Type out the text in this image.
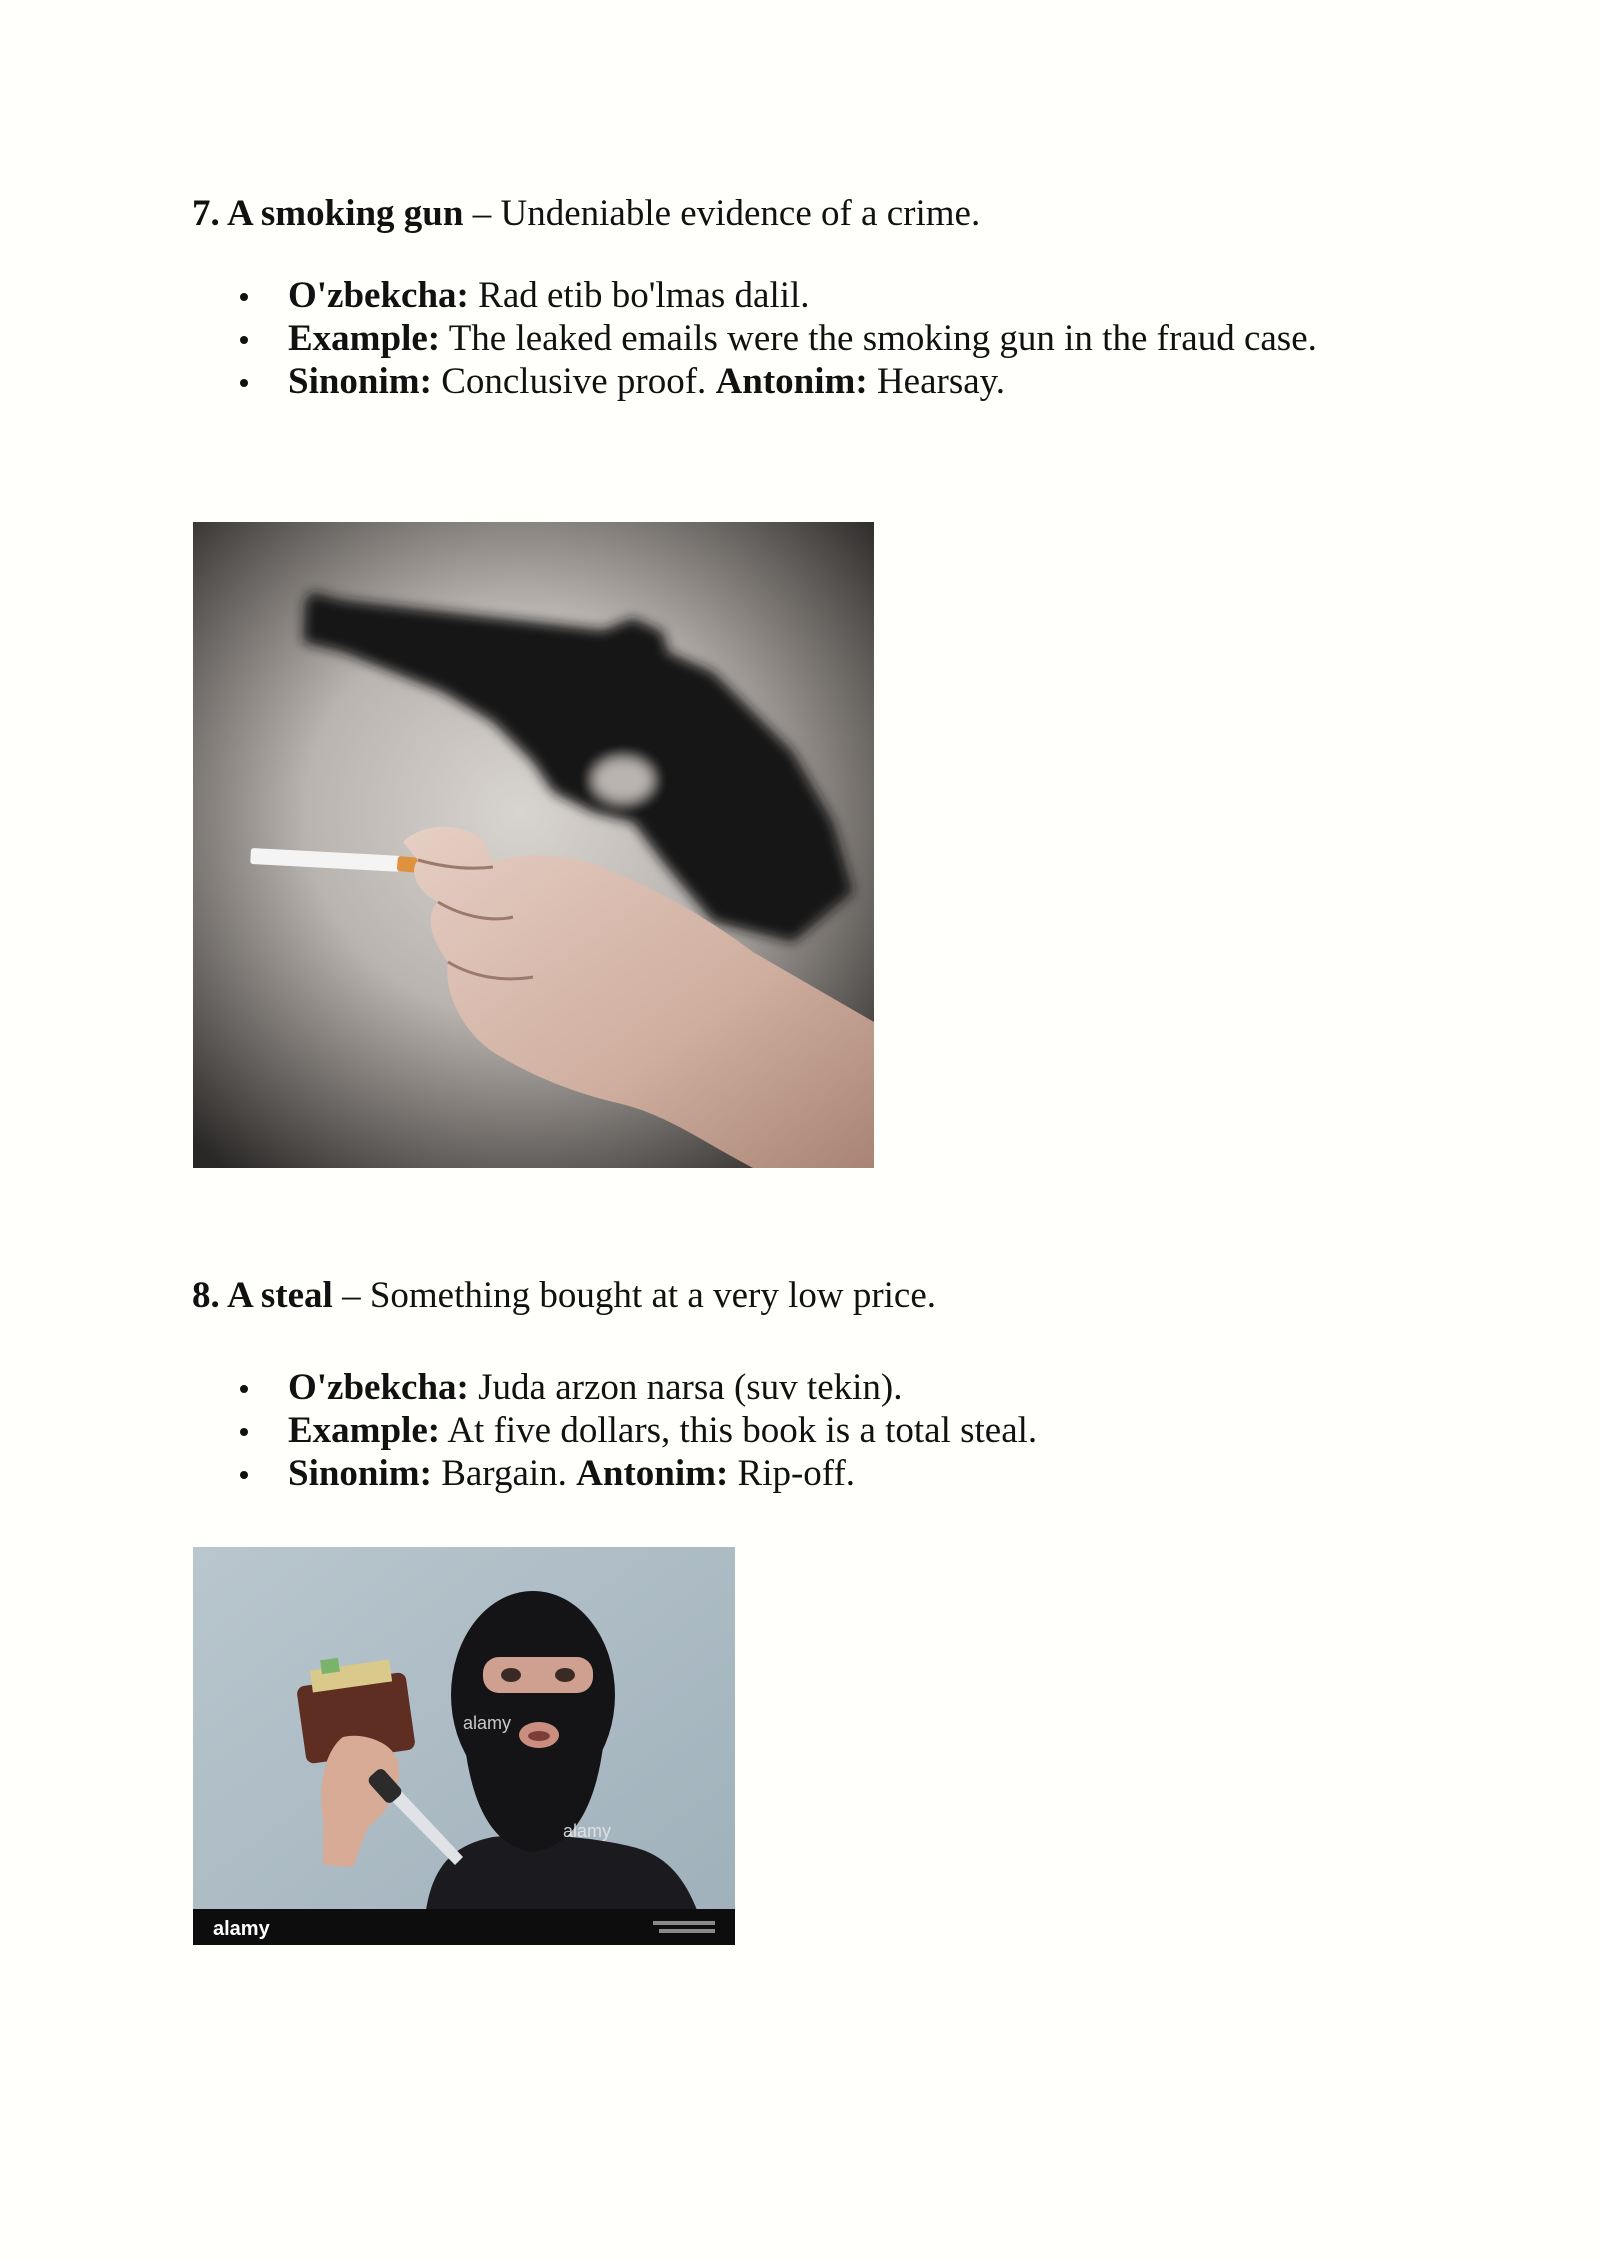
7. A smoking gun – Undeniable evidence of a crime.
O'zbekcha: Rad etib bo'lmas dalil.
Example: The leaked emails were the smoking gun in the fraud case.
Sinonim: Conclusive proof. Antonim: Hearsay.
8. A steal – Something bought at a very low price.
O'zbekcha: Juda arzon narsa (suv tekin).
Example: At five dollars, this book is a total steal.
Sinonim: Bargain. Antonim: Rip-off.
alamy
alamy
alamy
